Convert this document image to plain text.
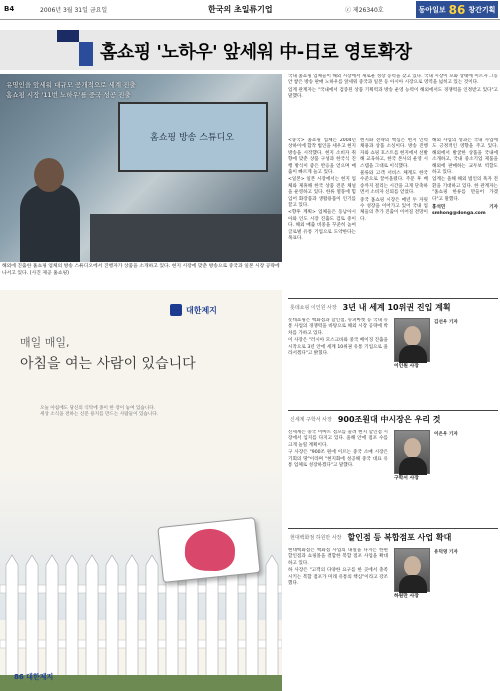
B4	2006년 3월 31일 금요일	한국의 초일류기업	ⓒ 제26340호	동아일보 86 창간기획
홈쇼핑 '노하우' 앞세워 中-日로 영토확장
홈쇼핑 방송 스튜디오
유명인을 앞세워 대규모 공개적으로 세계 진출
홈쇼핑 시장 '11번 노하우'를 중국 성공 진출
해외에 진출한 홈쇼핑 업체의 방송 스튜디오에서 진행자가 상품을 소개하고 있다. 현지 시장에 맞춘 방송으로 중국과 일본 시장 공략에 나서고 있다. (사진 제공 홈쇼핑)

국내 홈쇼핑 업체들이 해외 시장에서 새로운 성장 동력을 찾고 있다. 국내 시장이 포화 상태에 이르자 그동안 쌓은 방송 판매 노하우를 앞세워 중국과 일본 등 아시아 시장으로 영역을 넓히고 있는 것이다.

업계 관계자는 "국내에서 검증된 상품 기획력과 방송 운영 능력이 해외에서도 경쟁력을 인정받고 있다"고 말했다.

<중국> 홈쇼핑 업체는 2004년 상하이에 합작 법인을 세우고 현지 방송을 시작했다. 현지 소비자 취향에 맞춘 상품 구성과 한국식 진행 방식이 좋은 반응을 얻으며 매출이 빠르게 늘고 있다.

<일본> 일본 시장에서는 현지 업체와 제휴해 한국 상품 전문 채널을 운영하고 있다. 한류 열풍에 힘입어 화장품과 생활용품이 인기를 끌고 있다.

<향후 계획> 업체들은 동남아시아와 인도 시장 진출도 검토 중이다. 해외 매출 비중을 꾸준히 높여 글로벌 유통 기업으로 도약한다는 목표다.

현지화 전략의 핵심은 현지 인력 채용과 상품 소싱이다. 방송 진행자와 쇼핑 호스트를 현지에서 선발해 교육하고, 한국 본사의 운영 시스템을 그대로 이식했다.

물류와 고객 서비스 체계도 한국 수준으로 끌어올렸다. 주문 후 배송까지 걸리는 시간을 크게 단축하면서 소비자 신뢰를 얻었다.

중국 홈쇼핑 시장은 매년 두 자릿수 성장을 이어가고 있어 국내 업체들의 추가 진출이 이어질 전망이다.

해외 사업의 성과는 국내 사업에도 긍정적인 영향을 주고 있다. 해외에서 발굴한 상품을 국내에 소개하고, 국내 중소기업 제품을 해외에 판매하는 교두보 역할도 하고 있다.

업계는 올해 해외 법인의 흑자 전환을 기대하고 있다. 한 관계자는 "홈쇼핑 한류를 만들어 가겠다"고 말했다.

홍석민 기자 smhong@donga.com

대한제지
매일 매일,
아침을 여는 사람이 있습니다
오늘 아침에도 당신의 식탁에 종이 한 장이 놓여 있습니다. 세상 소식을 전하는 신문 용지를 만드는 사람들이 있습니다.
86 대한제지
롯데쇼핑 이인원 사장 3년 내 세계 10위권 진입 계획

롯데쇼핑은 백화점과 할인점, 슈퍼마켓 등 국내 유통 사업의 경쟁력을 바탕으로 해외 시장 공략에 박차를 가하고 있다.

이 사장은 "러시아 모스크바와 중국 베이징 진출을 시작으로 3년 안에 세계 10위권 유통 기업으로 올라서겠다"고 밝혔다.

이인원 사장

김선우 기자

신세계 구학서 사장 900조원대 中시장은 우리 것

신세계는 중국 이마트 점포를 늘려 현지 할인점 시장에서 입지를 다지고 있다. 올해 안에 점포 수를 크게 늘릴 계획이다.

구 사장은 "900조 원에 이르는 중국 소매 시장은 기회의 땅"이라며 "현지화에 성공해 중국 대표 유통 업체로 성장하겠다"고 말했다.

구학서 사장

이은우 기자

현대백화점 하원만 사장 할인점 등 복합점포 사업 확대

현대백화점은 백화점 사업의 내실을 다지는 한편 할인점과 쇼핑몰을 결합한 복합 점포 사업을 확대하고 있다.

하 사장은 "고객의 다양한 요구를 한 곳에서 충족시키는 복합 점포가 미래 유통의 핵심"이라고 강조했다.

하원만 사장

유덕영 기자
